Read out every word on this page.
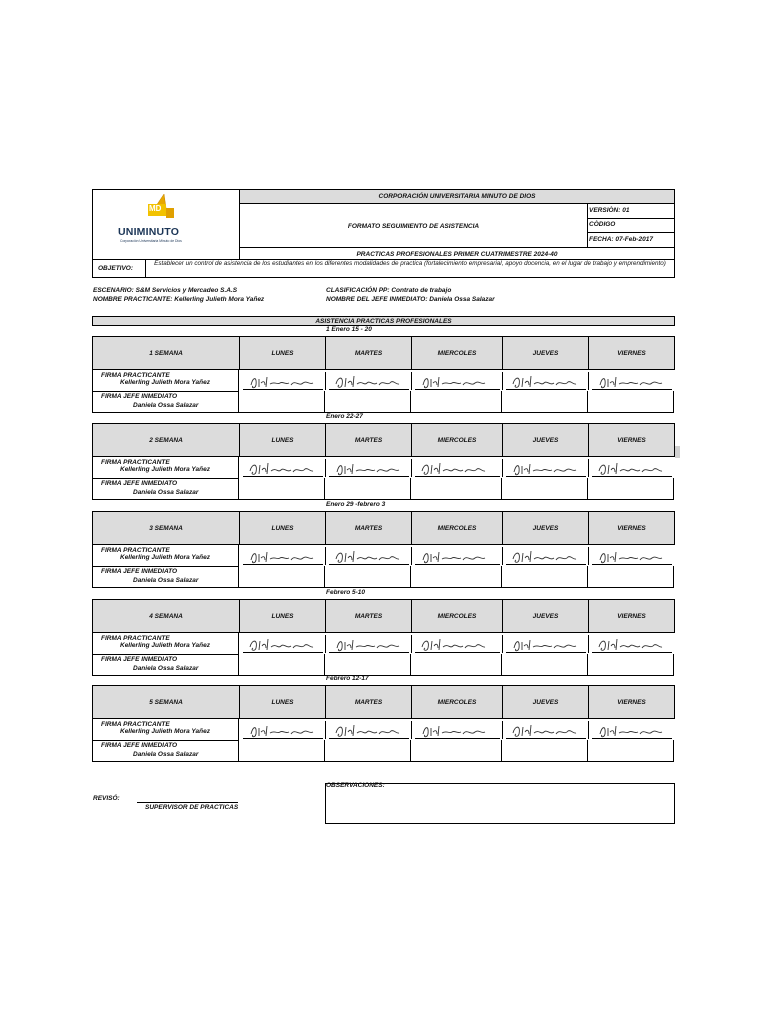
MD
UNIMINUTO
Corporación Universitaria Minuto de Dios
CORPORACIÓN UNIVERSITARIA MINUTO DE DIOS
FORMATO SEGUIMIENTO DE ASISTENCIA
VERSIÒN: 01
CÒDIGO
FECHA: 07-Feb-2017
PRACTICAS PROFESIONALES PRIMER CUATRIMESTRE 2024-40
OBJETIVO:
Establecer un control de asistencia de los estudiantes en los diferentes modalidades de practica (fortalecimiento empresarial, apoyo docencia, en el lugar de trabajo y emprendimiento)
ESCENARIO: S&M Servicios y Mercadeo S.A.S
NOMBRE PRACTICANTE: Kellerling Julieth Mora Yañez
CLASIFICACIÓN PP: Contrato de trabajo
NOMBRE DEL JEFE INMEDIATO: Daniela Ossa Salazar
ASISTENCIA PRACTICAS PROFESIONALES
1 Enero 15 - 20
1 SEMANA	LUNES	MARTES	MIERCOLES	JUEVES	VIERNES
FIRMA PRACTICANTE
Kellerling Julieth Mora Yañez
FIRMA JEFE INMEDIATO
Daniela Ossa Salazar
Enero 22-27
2 SEMANA	LUNES	MARTES	MIERCOLES	JUEVES	VIERNES
FIRMA PRACTICANTE
Kellerling Julieth Mora Yañez
FIRMA JEFE INMEDIATO
Daniela Ossa Salazar
Enero 29 -febrero 3
3 SEMANA	LUNES	MARTES	MIERCOLES	JUEVES	VIERNES
FIRMA PRACTICANTE
Kellerling Julieth Mora Yañez
FIRMA JEFE INMEDIATO
Daniela Ossa Salazar
Febrero 5-10
4 SEMANA	LUNES	MARTES	MIERCOLES	JUEVES	VIERNES
FIRMA PRACTICANTE
Kellerling Julieth Mora Yañez
FIRMA JEFE INMEDIATO
Daniela Ossa Salazar
Febrero 12-17
5 SEMANA	LUNES	MARTES	MIERCOLES	JUEVES	VIERNES
FIRMA PRACTICANTE
Kellerling Julieth Mora Yañez
FIRMA JEFE INMEDIATO
Daniela Ossa Salazar
REVISÓ:
SUPERVISOR DE PRACTICAS
OBSERVACIONES:
